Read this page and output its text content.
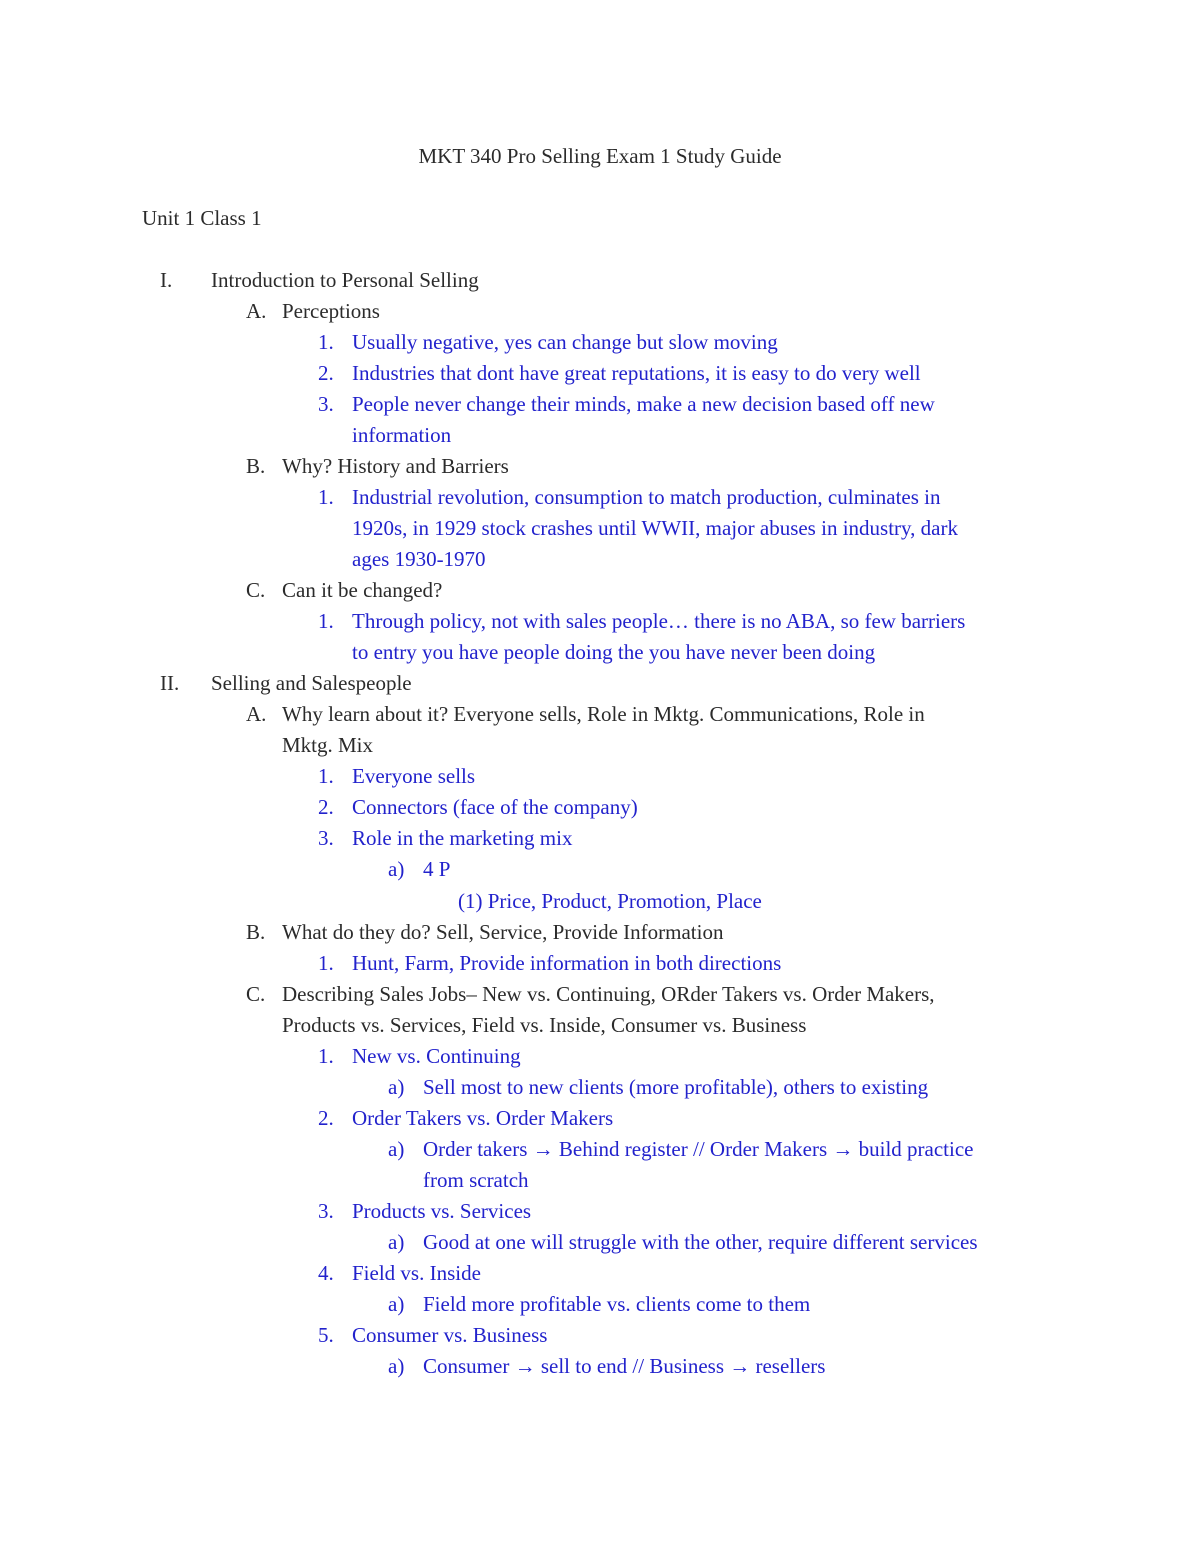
MKT 340 Pro Selling Exam 1 Study Guide
Unit 1 Class 1
I. Introduction to Personal Selling
A. Perceptions
1. Usually negative, yes can change but slow moving
2. Industries that dont have great reputations, it is easy to do very well
3. People never change their minds, make a new decision based off new
information
B. Why? History and Barriers
1. Industrial revolution, consumption to match production, culminates in
1920s, in 1929 stock crashes until WWII, major abuses in industry, dark
ages 1930-1970
C. Can it be changed?
1. Through policy, not with sales people… there is no ABA, so few barriers
to entry you have people doing the you have never been doing
II. Selling and Salespeople
A. Why learn about it? Everyone sells, Role in Mktg. Communications, Role in
Mktg. Mix
1. Everyone sells
2. Connectors (face of the company)
3. Role in the marketing mix
a) 4 P
(1) Price, Product, Promotion, Place
B. What do they do? Sell, Service, Provide Information
1. Hunt, Farm, Provide information in both directions
C. Describing Sales Jobs– New vs. Continuing, ORder Takers vs. Order Makers,
Products vs. Services, Field vs. Inside, Consumer vs. Business
1. New vs. Continuing
a) Sell most to new clients (more profitable), others to existing
2. Order Takers vs. Order Makers
a) Order takers → Behind register // Order Makers → build practice
from scratch
3. Products vs. Services
a) Good at one will struggle with the other, require different services
4. Field vs. Inside
a) Field more profitable vs. clients come to them
5. Consumer vs. Business
a) Consumer → sell to end // Business → resellers
